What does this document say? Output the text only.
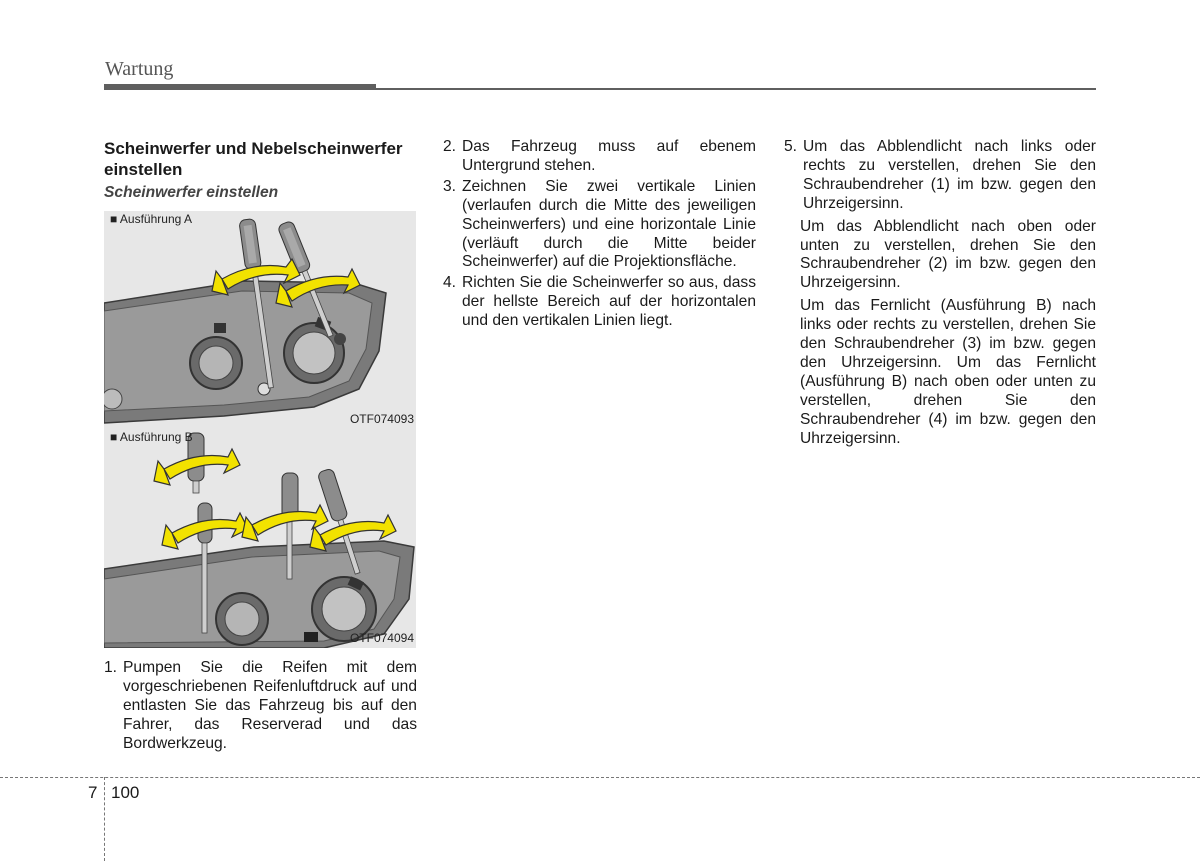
Wartung
Scheinwerfer und Nebelscheinwerfer einstellen
Scheinwerfer einstellen
■ Ausführung A
OTF074093
■ Ausführung B
OTF074094
1. Pumpen Sie die Reifen mit dem vorgeschriebenen Reifenluftdruck auf und entlasten Sie das Fahrzeug bis auf den Fahrer, das Reserverad und das Bordwerkzeug.
2. Das Fahrzeug muss auf ebenem Untergrund stehen.
3. Zeichnen Sie zwei vertikale Linien (verlaufen durch die Mitte des jeweiligen Scheinwerfers) und eine horizontale Linie (verläuft durch die Mitte beider Scheinwerfer) auf die Projektionsfläche.
4. Richten Sie die Scheinwerfer so aus, dass der hellste Bereich auf der horizontalen und den vertikalen Linien liegt.
5. Um das Abblendlicht nach links oder rechts zu verstellen, drehen Sie den Schraubendreher (1) im bzw. gegen den Uhrzeigersinn.
Um das Abblendlicht nach oben oder unten zu verstellen, drehen Sie den Schraubendreher (2) im bzw. gegen den Uhrzeigersinn.
Um das Fernlicht (Ausführung B) nach links oder rechts zu verstellen, drehen Sie den Schraubendreher (3) im bzw. gegen den Uhrzeigersinn. Um das Fernlicht (Ausführung B) nach oben oder unten zu verstellen, drehen Sie den Schraubendreher (4) im bzw. gegen den Uhrzeigersinn.
7 100
